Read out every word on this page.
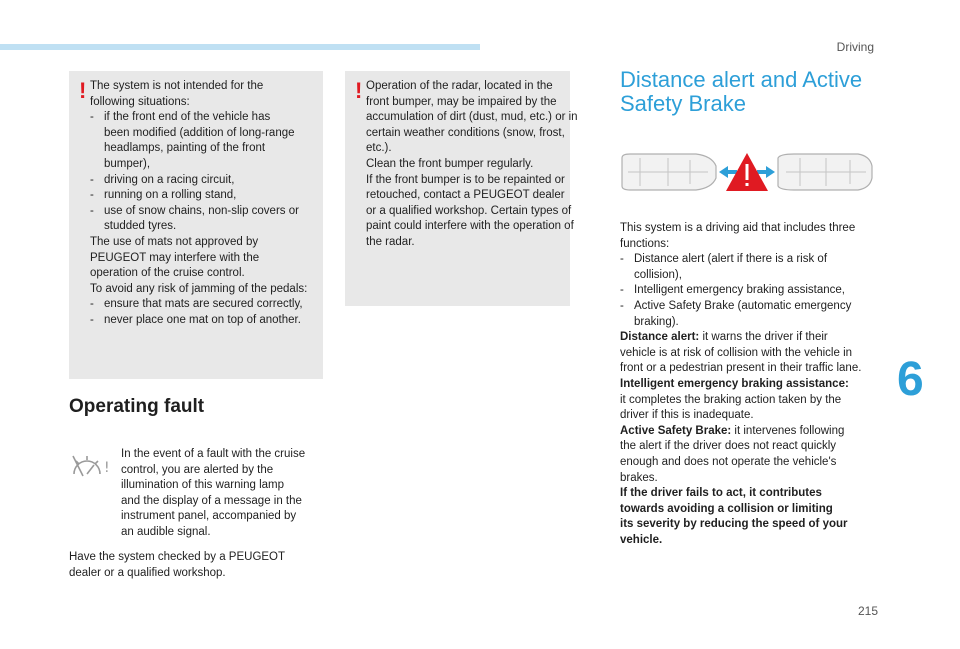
Driving
6
215
! The system is not intended for the
following situations:
- if the front end of the vehicle has
been modified (addition of long-range
headlamps, painting of the front
bumper),
- driving on a racing circuit,
- running on a rolling stand,
- use of snow chains, non-slip covers or
studded tyres.
The use of mats not approved by
PEUGEOT may interfere with the
operation of the cruise control.
To avoid any risk of jamming of the pedals:
- ensure that mats are secured correctly,
- never place one mat on top of another.
! Operation of the radar, located in the
front bumper, may be impaired by the
accumulation of dirt (dust, mud, etc.) or in
certain weather conditions (snow, frost,
etc.).
Clean the front bumper regularly.
If the front bumper is to be repainted or
retouched, contact a PEUGEOT dealer
or a qualified workshop. Certain types of
paint could interfere with the operation of
the radar.
Operating fault
!
In the event of a fault with the cruise
control, you are alerted by the
illumination of this warning lamp
and the display of a message in the
instrument panel, accompanied by
an audible signal.
Have the system checked by a PEUGEOT
dealer or a qualified workshop.
Distance alert and Active
Safety Brake
This system is a driving aid that includes three
functions:
- Distance alert (alert if there is a risk of
collision),
- Intelligent emergency braking assistance,
- Active Safety Brake (automatic emergency
braking).
Distance alert: it warns the driver if their
vehicle is at risk of collision with the vehicle in
front or a pedestrian present in their traffic lane.
Intelligent emergency braking assistance:
it completes the braking action taken by the
driver if this is inadequate.
Active Safety Brake: it intervenes following
the alert if the driver does not react quickly
enough and does not operate the vehicle's
brakes.
If the driver fails to act, it contributes
towards avoiding a collision or limiting
its severity by reducing the speed of your
vehicle.
